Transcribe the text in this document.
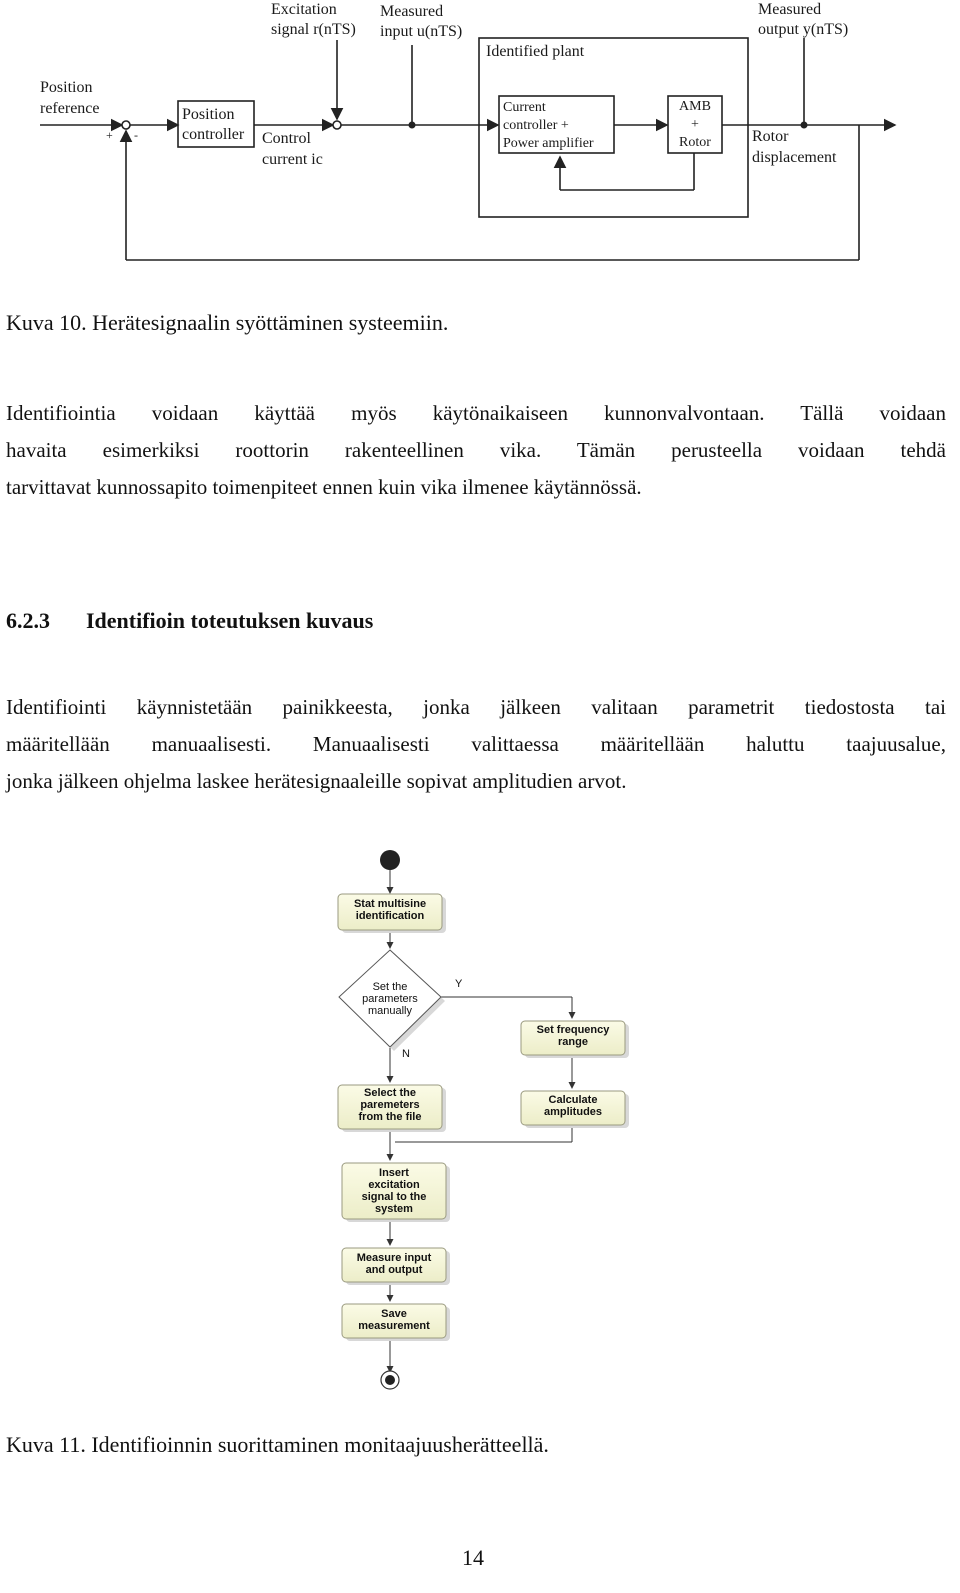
Excitation
signal r(nTS)
Measured
input u(nTS)
Measured
output y(nTS)
Position
reference
+ -
Position
controller Control
current ic
Identified plant
Current
controller +
Power amplifier
AMB
+
Rotor	Rotor
displacement
Kuva 10. Herätesignaalin syöttäminen systeemiin.
Identifiointia voidaan käyttää myös käytönaikaiseen kunnonvalvontaan. Tällä voidaan
havaita esimerkiksi roottorin rakenteellinen vika. Tämän perusteella voidaan tehdä
tarvittavat kunnossapito toimenpiteet ennen kuin vika ilmenee käytännössä.
6.2.3 Identifioin toteutuksen kuvaus
Identifiointi käynnistetään painikkeesta, jonka jälkeen valitaan parametrit tiedostosta tai
määritellään manuaalisesti. Manuaalisesti valittaessa määritellään haluttu taajuusalue,
jonka jälkeen ohjelma laskee herätesignaaleille sopivat amplitudien arvot.
Stat multisine
identification
Set the
parameters
manually
Y
N
Set frequency
range
Select the
paremeters
from the file
Calculate
amplitudes
Insert
excitation
signal to the
system
Measure input
and output
Save
measurement
Kuva 11. Identifioinnin suorittaminen monitaajuusherätteellä.
14
